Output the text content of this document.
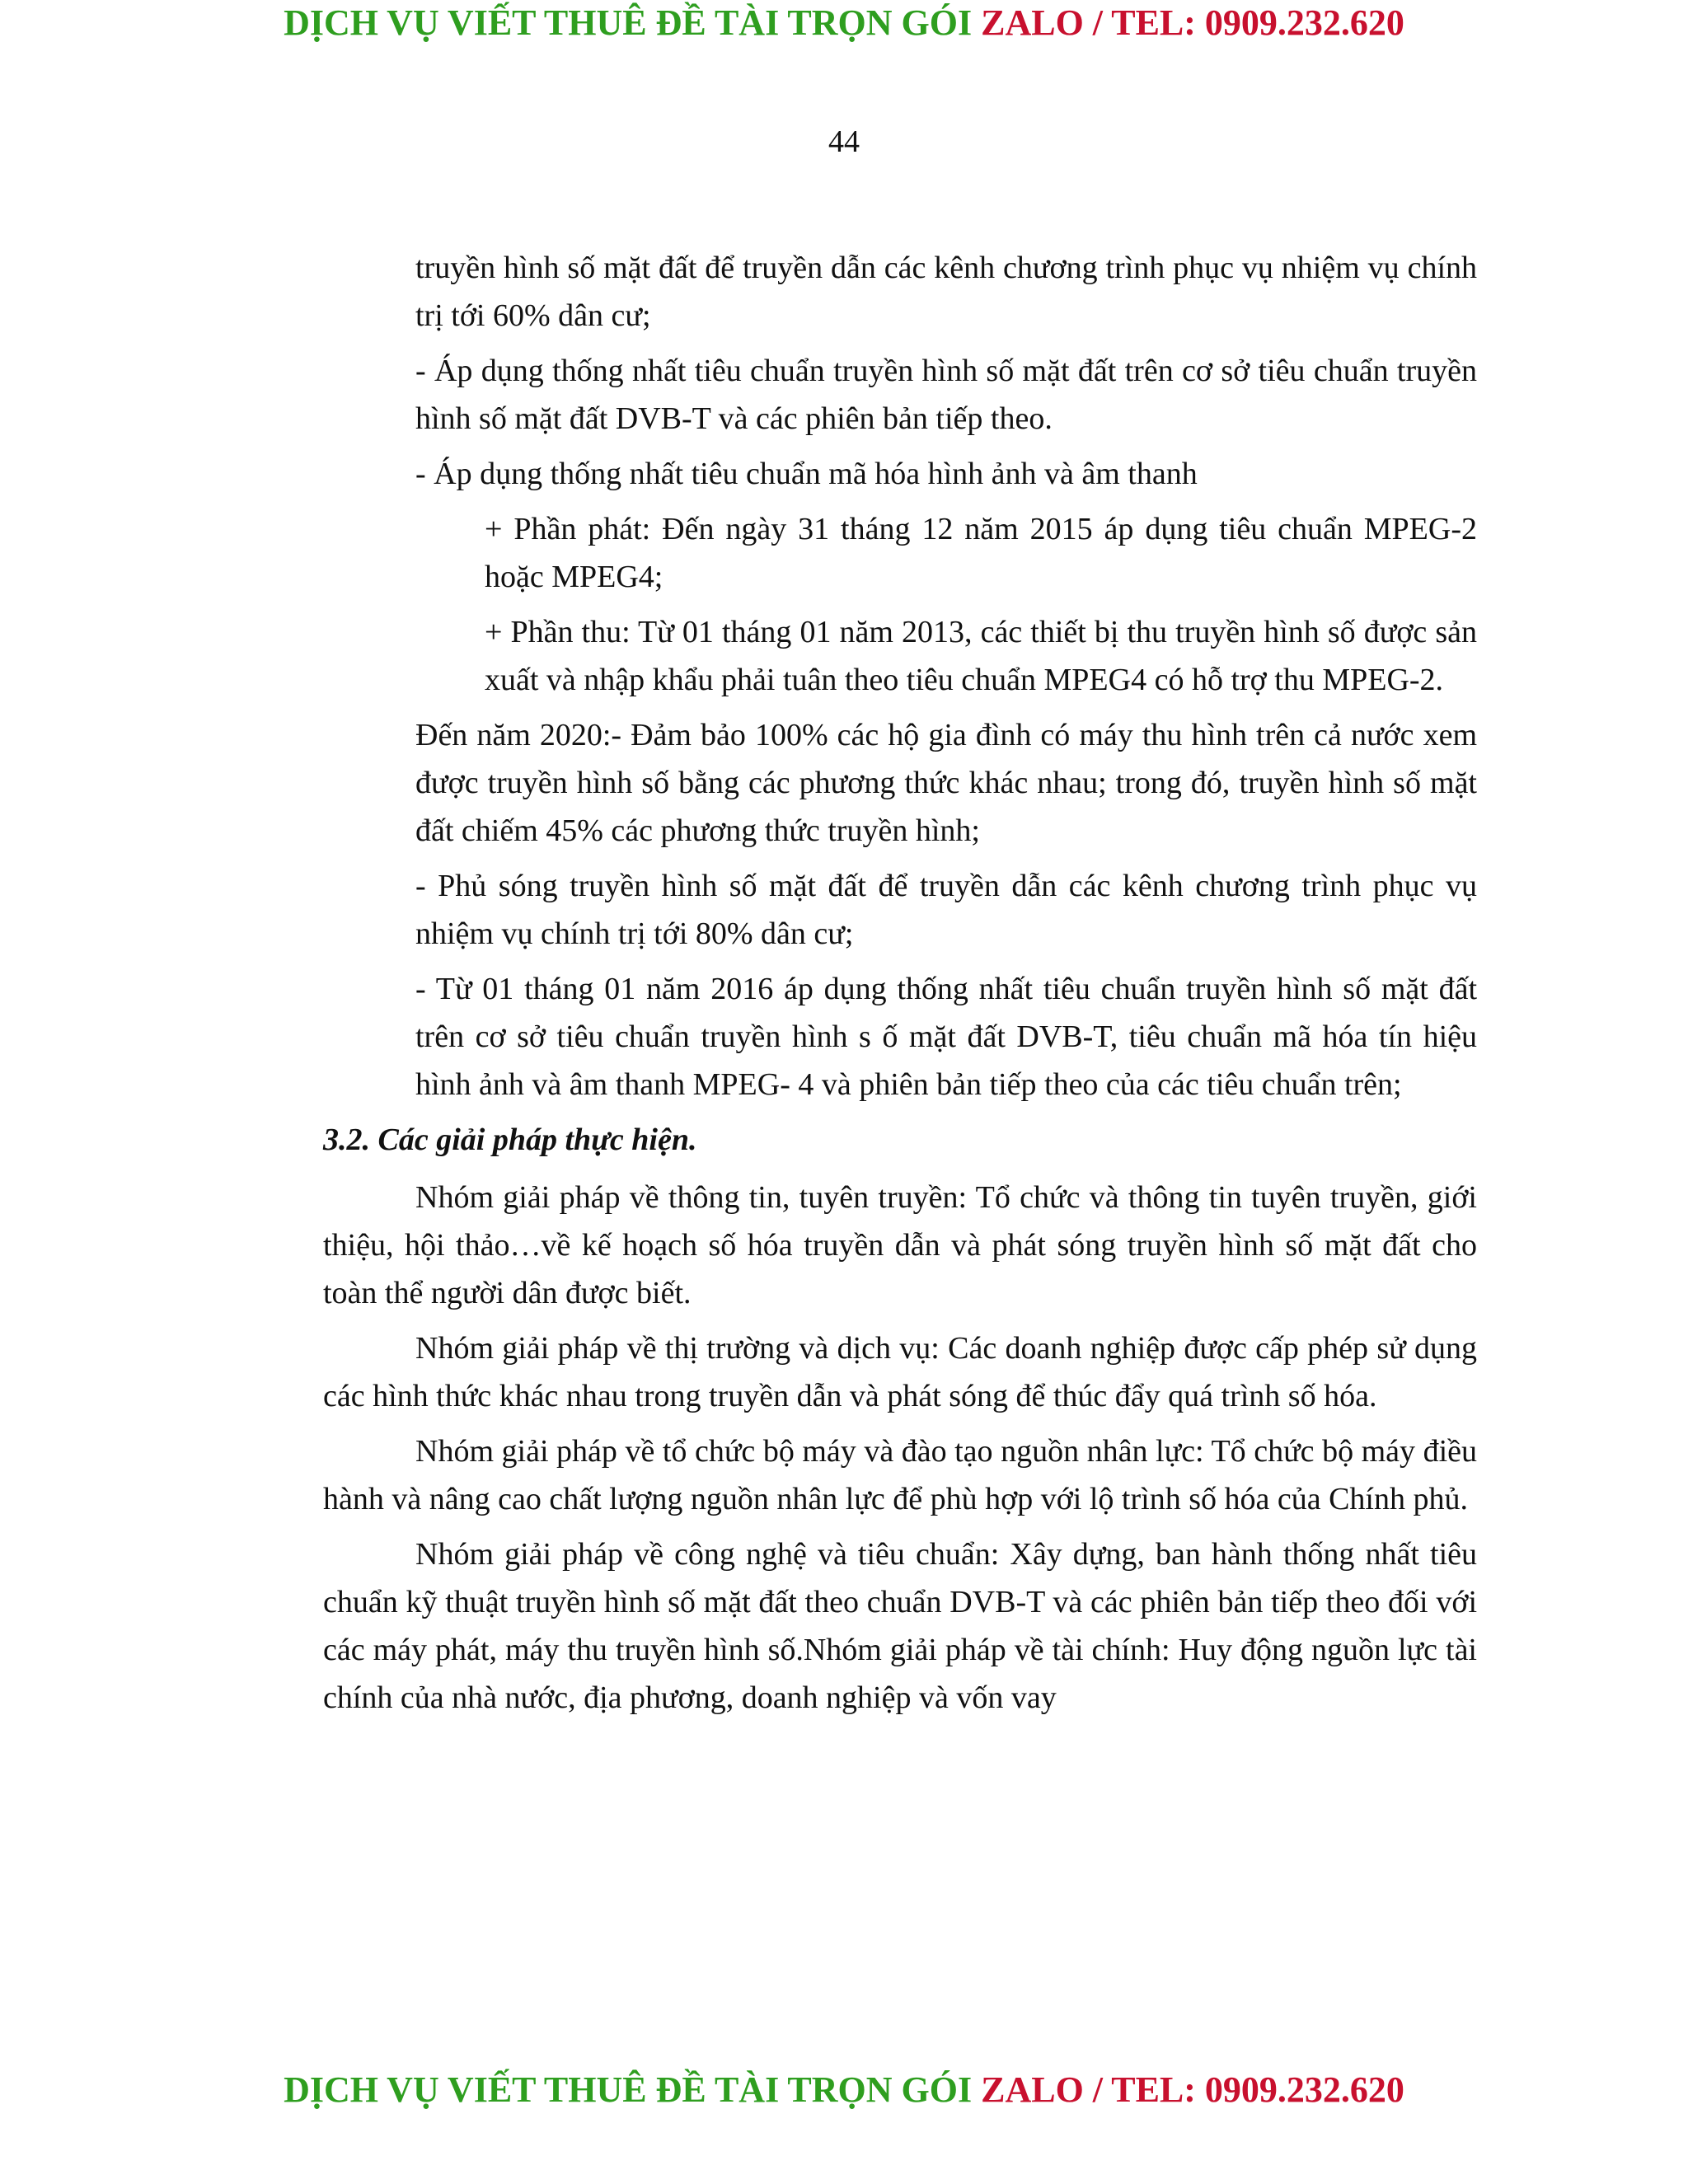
DỊCH VỤ VIẾT THUÊ ĐỀ TÀI TRỌN GÓI ZALO / TEL: 0909.232.620
44

truyền hình số mặt đất để truyền dẫn các kênh chương trình phục vụ nhiệm vụ chính trị tới 60% dân cư;

- Áp dụng thống nhất tiêu chuẩn truyền hình số mặt đất trên cơ sở tiêu chuẩn truyền hình số mặt đất DVB-T và các phiên bản tiếp theo.

- Áp dụng thống nhất tiêu chuẩn mã hóa hình ảnh và âm thanh

+ Phần phát: Đến ngày 31 tháng 12 năm 2015 áp dụng tiêu chuẩn MPEG-2 hoặc MPEG4;

+ Phần thu: Từ 01 tháng 01 năm 2013, các thiết bị thu truyền hình số được sản xuất và nhập khẩu phải tuân theo tiêu chuẩn MPEG4 có hỗ trợ thu MPEG-2.

Đến năm 2020:- Đảm bảo 100% các hộ gia đình có máy thu hình trên cả nước xem được truyền hình số bằng các phương thức khác nhau; trong đó, truyền hình số mặt đất chiếm 45% các phương thức truyền hình;

- Phủ sóng truyền hình số mặt đất để truyền dẫn các kênh chương trình phục vụ nhiệm vụ chính trị tới 80% dân cư;

- Từ 01 tháng 01 năm 2016 áp dụng thống nhất tiêu chuẩn truyền hình số mặt đất trên cơ sở tiêu chuẩn truyền hình s ố mặt đất DVB-T, tiêu chuẩn mã hóa tín hiệu hình ảnh và âm thanh MPEG- 4 và phiên bản tiếp theo của các tiêu chuẩn trên;

3.2. Các giải pháp thực hiện.

Nhóm giải pháp về thông tin, tuyên truyền: Tổ chức và thông tin tuyên truyền, giới thiệu, hội thảo…về kế hoạch số hóa truyền dẫn và phát sóng truyền hình số mặt đất cho toàn thể người dân được biết.

Nhóm giải pháp về thị trường và dịch vụ: Các doanh nghiệp được cấp phép sử dụng các hình thức khác nhau trong truyền dẫn và phát sóng để thúc đẩy quá trình số hóa.

Nhóm giải pháp về tổ chức bộ máy và đào tạo nguồn nhân lực: Tổ chức bộ máy điều hành và nâng cao chất lượng nguồn nhân lực để phù hợp với lộ trình số hóa của Chính phủ.

Nhóm giải pháp về công nghệ và tiêu chuẩn: Xây dựng, ban hành thống nhất tiêu chuẩn kỹ thuật truyền hình số mặt đất theo chuẩn DVB-T và các phiên bản tiếp theo đối với các máy phát, máy thu truyền hình số.Nhóm giải pháp về tài chính: Huy động nguồn lực tài chính của nhà nước, địa phương, doanh nghiệp và vốn vay

DỊCH VỤ VIẾT THUÊ ĐỀ TÀI TRỌN GÓI ZALO / TEL: 0909.232.620
